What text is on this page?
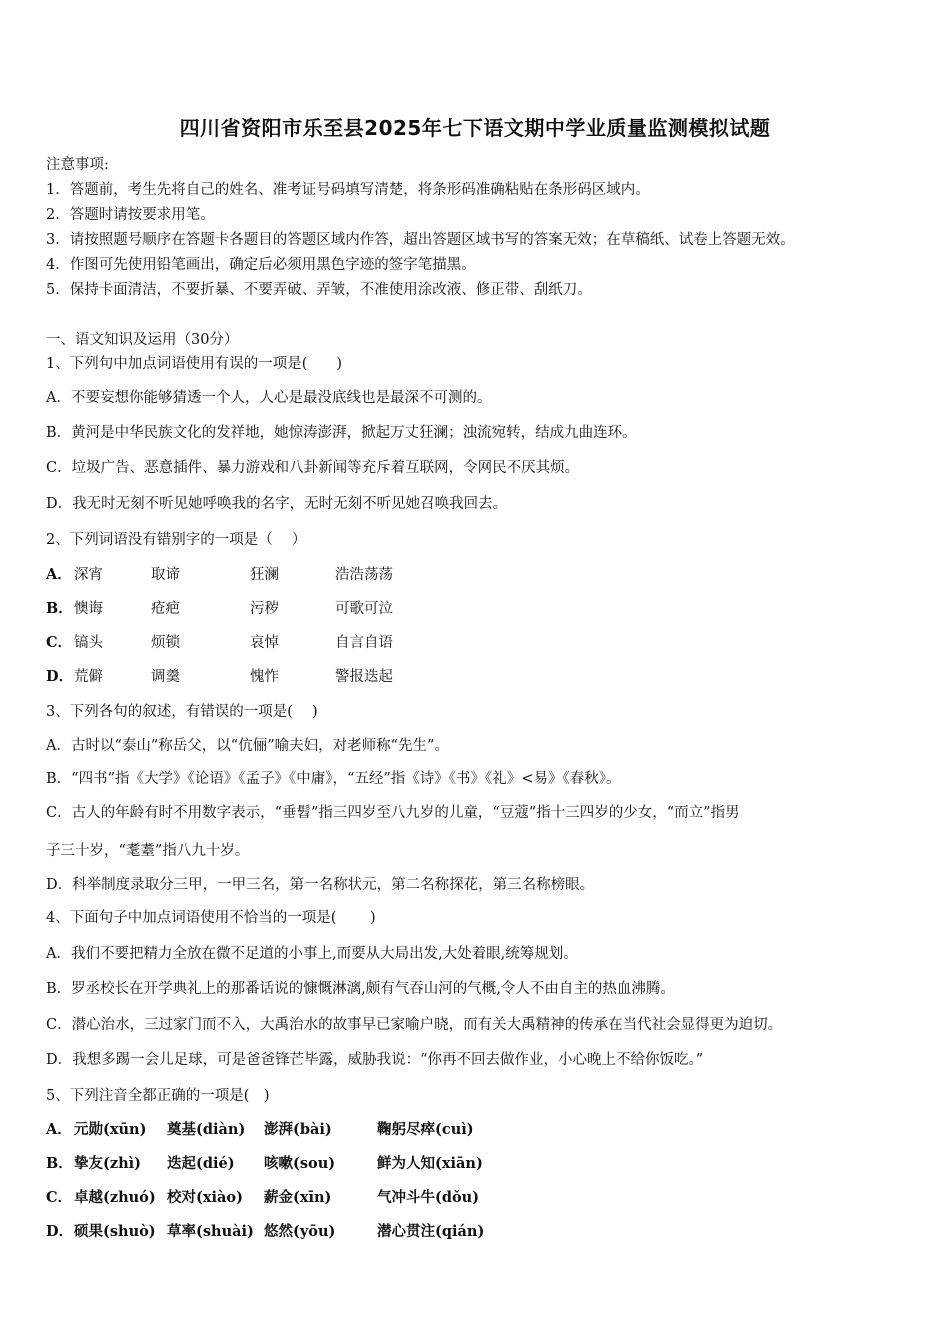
四川省资阳市乐至县2025年七下语文期中学业质量监测模拟试题
注意事项:
1．答题前，考生先将自己的姓名、准考证号码填写清楚，将条形码准确粘贴在条形码区域内。
2．答题时请按要求用笔。
3．请按照题号顺序在答题卡各题目的答题区域内作答，超出答题区域书写的答案无效；在草稿纸、试卷上答题无效。
4．作图可先使用铅笔画出，确定后必须用黑色字迹的签字笔描黑。
5．保持卡面清洁，不要折暴、不要弄破、弄皱，不准使用涂改液、修正带、刮纸刀。
一、语文知识及运用（30分）
1、下列句中加点词语使用有误的一项是(　　)
A．不要妄想你能够猜透一个人，人心是最没底线也是最深不可测的。
B．黄河是中华民族文化的发祥地，她惊涛澎湃，掀起万丈狂澜；浊流宛转，结成九曲连环。
C．垃圾广告、恶意插件、暴力游戏和八卦新闻等充斥着互联网，令网民不厌其烦。
D．我无时无刻不听见她呼唤我的名字，无时无刻不听见她召唤我回去。
2、下列词语没有错别字的一项是（　 ）
A． 深宵	取谛	狂澜	浩浩荡荡
B．懊诲	疮疤	污秽	可歌可泣
C． 镐头	烦锁	哀悼	自言自语
D．荒僻	调羹	愧怍	警报迭起
3、下列各句的叙述，有错误的一项是(　 )
A．古时以“泰山”称岳父，以“伉俪”喻夫妇，对老师称“先生”。
B．“四书”指《大学》《论语》《孟子》《中庸》，“五经”指《诗》《书》《礼》<易》《春秋》。
C．古人的年龄有时不用数字表示，“垂髫”指三四岁至八九岁的儿童，“豆蔻”指十三四岁的少女，“而立”指男
子三十岁，“耄耋”指八九十岁。
D．科举制度录取分三甲，一甲三名，第一名称状元，第二名称探花，第三名称榜眼。
4、下面句子中加点词语使用不恰当的一项是(　　 )
A．我们不要把精力全放在微不足道的小事上,而要从大局出发,大处着眼,统筹规划。
B．罗丞校长在开学典礼上的那番话说的慷慨淋漓,颇有气吞山河的气概,令人不由自主的热血沸腾。
C．潜心治水，三过家门而不入，大禹治水的故事早已家喻户晓，而有关大禹精神的传承在当代社会显得更为迫切。
D．我想多踢一会儿足球，可是爸爸锋芒毕露，威胁我说：“你再不回去做作业，小心晚上不给你饭吃。”
5、下列注音全都正确的一项是(　)
A． 元勋(xūn) 奠基(diàn) 澎湃(bài)	鞠躬尽瘁(cuì)
B．挚友(zhì) 迭起(dié) 咳嗽(sou)	鲜为人知(xiān)
C． 卓越(zhuó) 校对(xiào) 薪金(xīn)	气冲斗牛(dǒu)
D．硕果(shuò) 草率(shuài) 悠然(yōu)	潜心贯注(qián)
